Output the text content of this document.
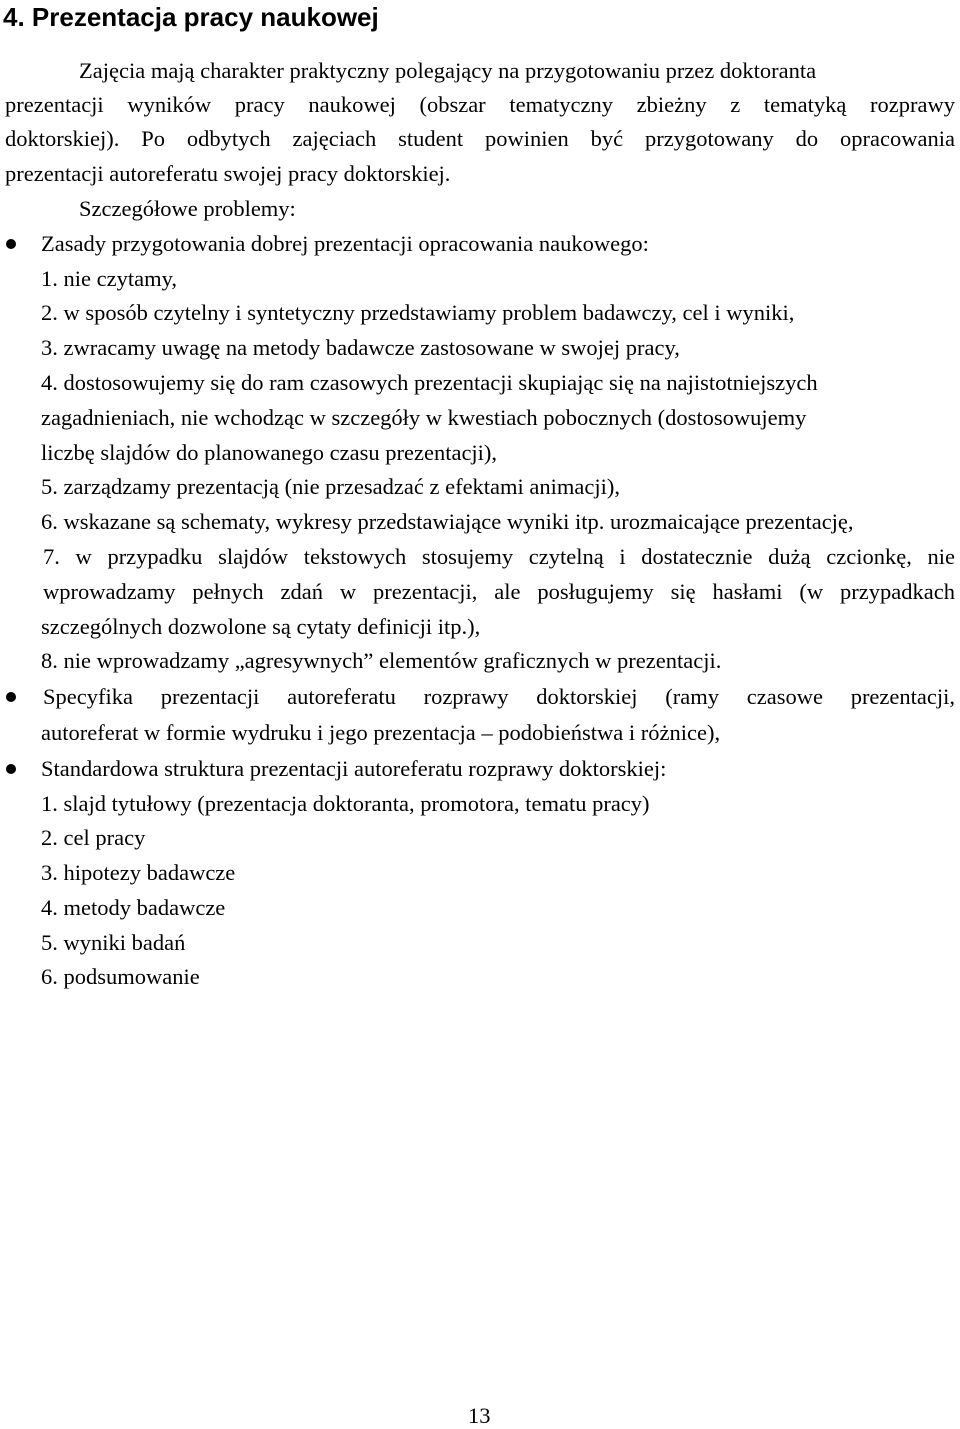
4. Prezentacja pracy naukowej
Zajęcia mają charakter praktyczny polegający na przygotowaniu przez doktoranta
prezentacji wyników pracy naukowej (obszar tematyczny zbieżny z tematyką rozprawy
doktorskiej). Po odbytych zajęciach student powinien być przygotowany do opracowania
prezentacji autoreferatu swojej pracy doktorskiej.
Szczegółowe problemy:
Zasady przygotowania dobrej prezentacji opracowania naukowego:
1. nie czytamy,
2. w sposób czytelny i syntetyczny przedstawiamy problem badawczy, cel i wyniki,
3. zwracamy uwagę na metody badawcze zastosowane w swojej pracy,
4. dostosowujemy się do ram czasowych prezentacji skupiając się na najistotniejszych
zagadnieniach, nie wchodząc w szczegóły w kwestiach pobocznych (dostosowujemy
liczbę slajdów do planowanego czasu prezentacji),
5. zarządzamy prezentacją (nie przesadzać z efektami animacji),
6. wskazane są schematy, wykresy przedstawiające wyniki itp. urozmaicające prezentację,
7. w przypadku slajdów tekstowych stosujemy czytelną i dostatecznie dużą czcionkę, nie
wprowadzamy pełnych zdań w prezentacji, ale posługujemy się hasłami (w przypadkach
szczególnych dozwolone są cytaty definicji itp.),
8. nie wprowadzamy „agresywnych” elementów graficznych w prezentacji.
Specyfika prezentacji autoreferatu rozprawy doktorskiej (ramy czasowe prezentacji,
autoreferat w formie wydruku i jego prezentacja – podobieństwa i różnice),
Standardowa struktura prezentacji autoreferatu rozprawy doktorskiej:
1. slajd tytułowy (prezentacja doktoranta, promotora, tematu pracy)
2. cel pracy
3. hipotezy badawcze
4. metody badawcze
5. wyniki badań
6. podsumowanie
13
